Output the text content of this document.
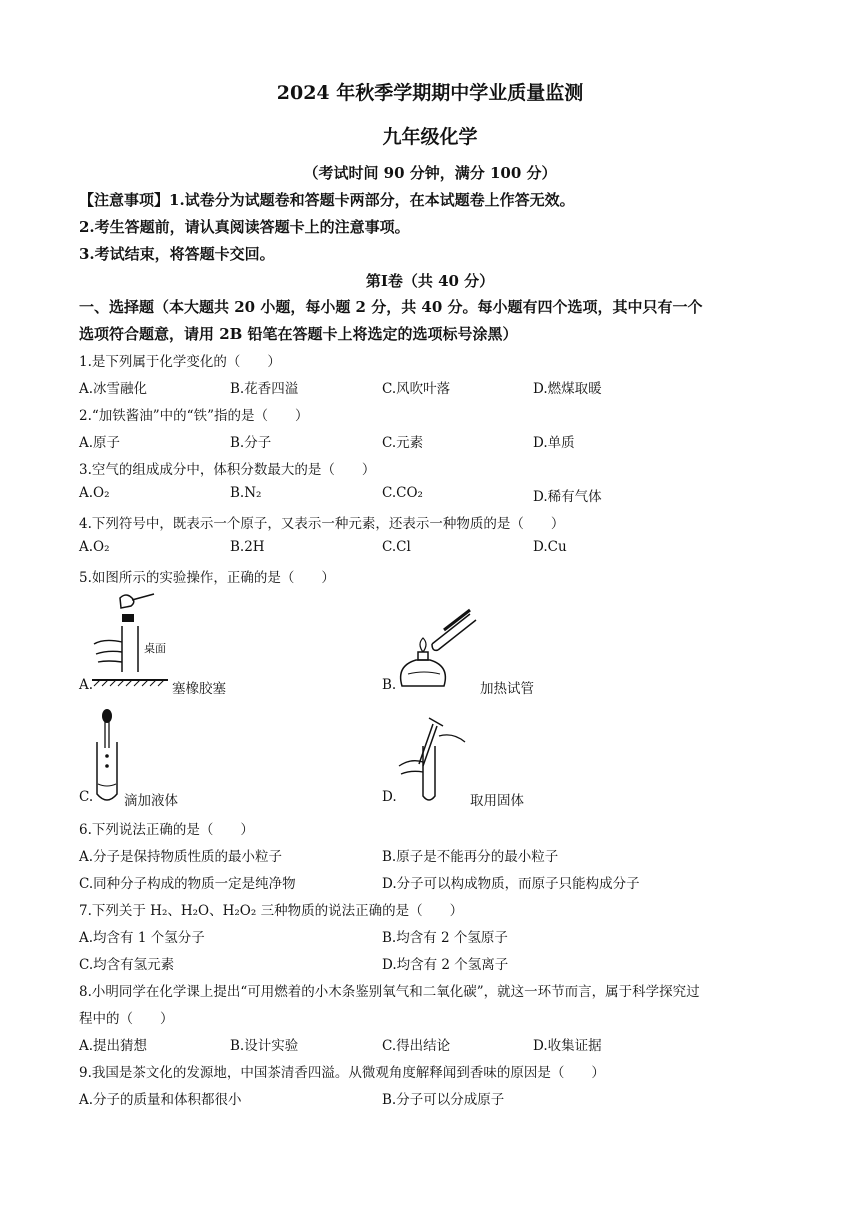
2024 年秋季学期期中学业质量监测
九年级化学
（考试时间 90 分钟，满分 100 分）
【注意事项】1.试卷分为试题卷和答题卡两部分，在本试题卷上作答无效。
2.考生答题前，请认真阅读答题卡上的注意事项。
3.考试结束，将答题卡交回。
第Ⅰ卷（共 40 分）
一、选择题（本大题共 20 小题，每小题 2 分，共 40 分。每小题有四个选项，其中只有一个
选项符合题意，请用 2B 铅笔在答题卡上将选定的选项标号涂黑）
1.是下列属于化学变化的（　　）
A.冰雪融化	B.花香四溢	C.风吹叶落	D.燃煤取暖
2.“加铁酱油”中的“铁”指的是（　　）
A.原子	B.分子	C.元素	D.单质
3.空气的组成成分中，体积分数最大的是（　　）
A.O₂	B.N₂	C.CO₂	D.稀有气体
4.下列符号中，既表示一个原子，又表示一种元素，还表示一种物质的是（　　）
A.O₂	B.2H	C.Cl	D.Cu
5.如图所示的实验操作，正确的是（　　）
桌面
A.	塞橡胶塞	B.	加热试管
C. 滴加液体	D.	取用固体
6.下列说法正确的是（　　）
A.分子是保持物质性质的最小粒子	B.原子是不能再分的最小粒子
C.同种分子构成的物质一定是纯净物	D.分子可以构成物质，而原子只能构成分子
7.下列关于 H₂、H₂O、H₂O₂ 三种物质的说法正确的是（　　）
A.均含有 1 个氢分子	B.均含有 2 个氢原子
C.均含有氢元素	D.均含有 2 个氢离子
8.小明同学在化学课上提出“可用燃着的小木条鉴别氧气和二氧化碳”，就这一环节而言，属于科学探究过
程中的（　　）
A.提出猜想	B.设计实验	C.得出结论	D.收集证据
9.我国是茶文化的发源地，中国茶清香四溢。从微观角度解释闻到香味的原因是（　　）
A.分子的质量和体积都很小	B.分子可以分成原子
